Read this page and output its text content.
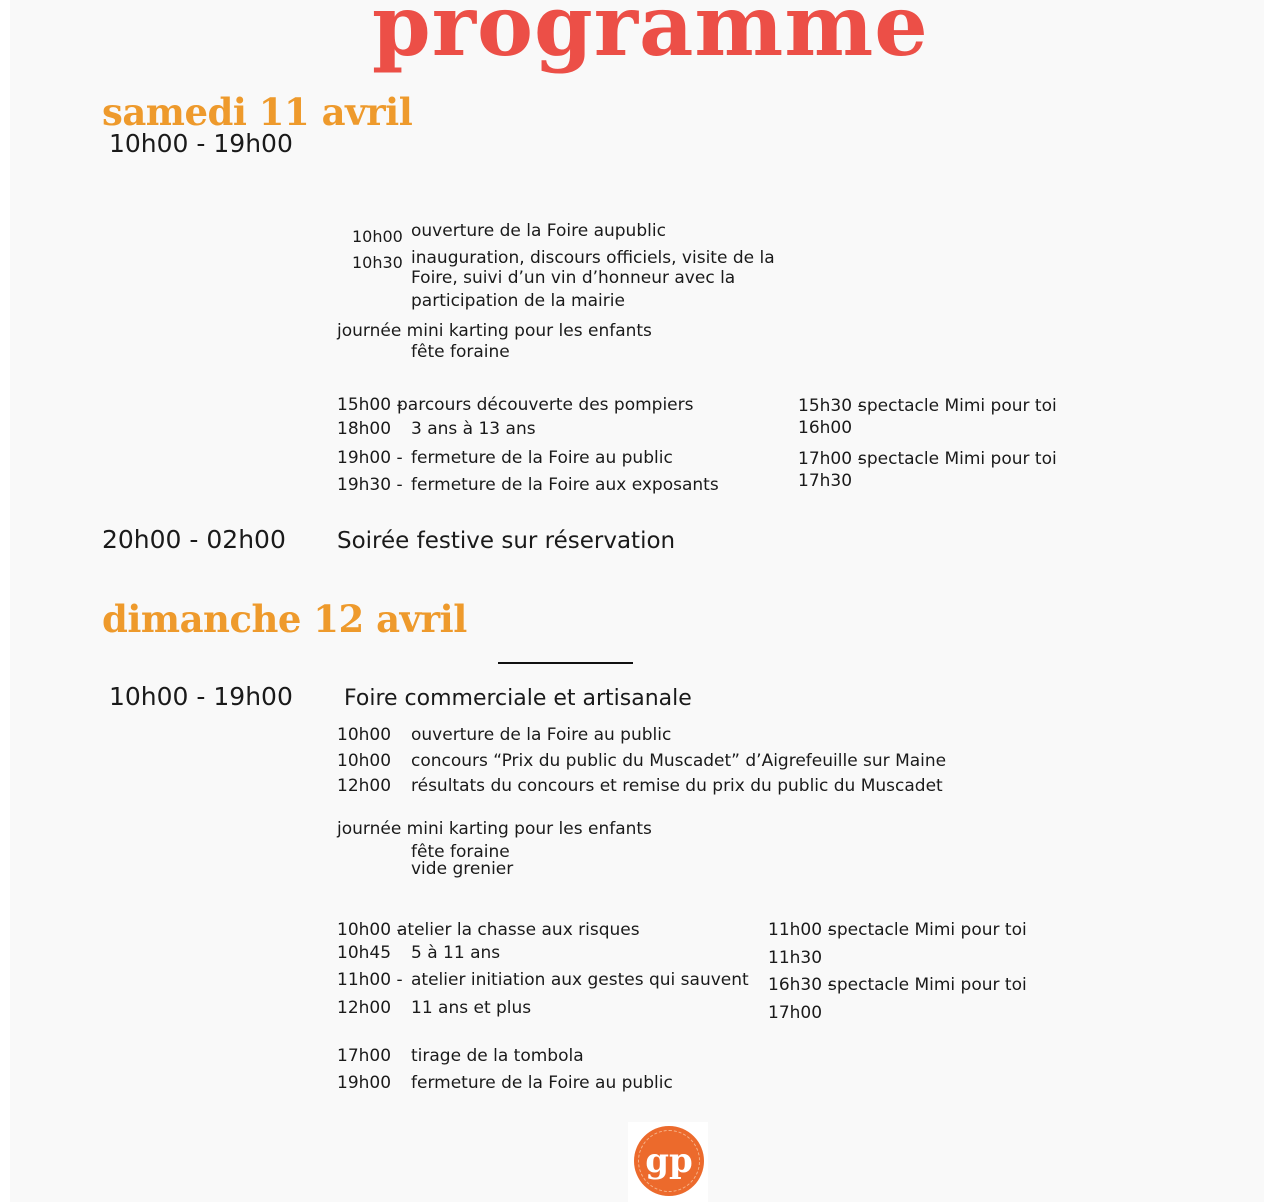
programme
samedi 11 avril
10h00 - 19h00
10h00 ouverture de la Foire aupublic
10h30 inauguration, discours officiels, visite de la
Foire, suivi d’un vin d’honneur avec la
participation de la mairie
journée mini karting pour les enfants
fête foraine
15h00 -
parcours découverte des pompiers
18h00 3 ans à 13 ans
19h00 - fermeture de la Foire au public
19h30 - fermeture de la Foire aux exposants
15h30 -
spectacle Mimi pour toi
16h00
17h00 -
spectacle Mimi pour toi
17h30
20h00 - 02h00 Soirée festive sur réservation
dimanche 12 avril
10h00 - 19h00 Foire commerciale et artisanale
10h00 ouverture de la Foire au public
10h00 concours “Prix du public du Muscadet” d’Aigrefeuille sur Maine
12h00 résultats du concours et remise du prix du public du Muscadet
journée mini karting pour les enfants
fête foraine
vide grenier
10h00 -
atelier la chasse aux risques
10h45 5 à 11 ans
11h00 - atelier initiation aux gestes qui sauvent
12h00 11 ans et plus
11h00 -
spectacle Mimi pour toi
11h30
16h30 -
spectacle Mimi pour toi
17h00
17h00 tirage de la tombola
19h00 fermeture de la Foire au public
gp
